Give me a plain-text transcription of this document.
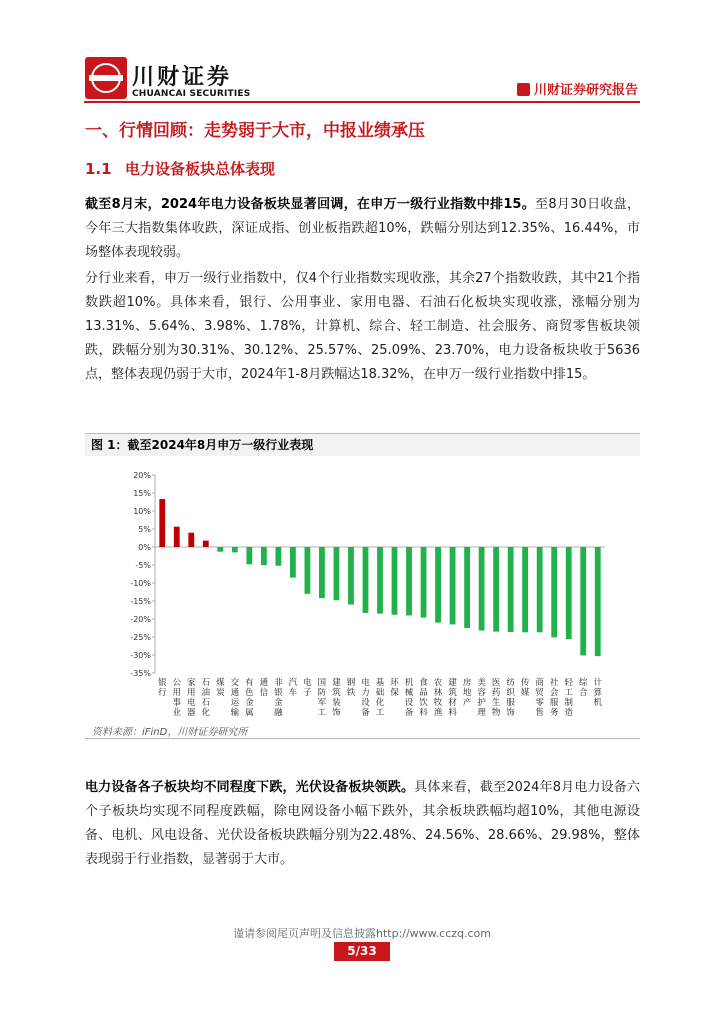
川财证券
CHUANCAI SECURITIES	川财证券研究报告
一、行情回顾：走势弱于大市，中报业绩承压
1.1 电力设备板块总体表现
截至8月末，2024年电力设备板块显著回调，在申万一级行业指数中排15。至8月30日收盘，今年三大指数集体收跌，深证成指、创业板指跌超10%，跌幅分别达到12.35%、16.44%，市场整体表现较弱。
分行业来看，申万一级行业指数中，仅4个行业指数实现收涨，其余27个指数收跌，其中21个指数跌超10%。具体来看，银行、公用事业、家用电器、石油石化板块实现收涨，涨幅分别为13.31%、5.64%、3.98%、1.78%，计算机、综合、轻工制造、社会服务、商贸零售板块领跌，跌幅分别为30.31%、30.12%、25.57%、25.09%、23.70%，电力设备板块收于5636点，整体表现仍弱于大市，2024年1-8月跌幅达18.32%，在申万一级行业指数中排15。
图 1：截至2024年8月申万一级行业表现
20%
15%
10%
5%
0%
-5%
-10%
-15%
-20%
-25%
-30%
-35%
银行
公用事业
家用电器
石油石化
煤炭
交通运输
有色金属
通信
非银金融
汽车
电子
国防军工
建筑装饰
钢铁
电力设备
基础化工
环保
机械设备
食品饮料
农林牧渔
建筑材料
房地产
美容护理
医药生物
纺织服饰
传媒
商贸零售
社会服务
轻工制造
综合
计算机
资料来源：iFinD，川财证券研究所
电力设备各子板块均不同程度下跌，光伏设备板块领跌。具体来看，截至2024年8月电力设备六个子板块均实现不同程度跌幅，除电网设备小幅下跌外，其余板块跌幅均超10%，其他电源设备、电机、风电设备、光伏设备板块跌幅分别为22.48%、24.56%、28.66%、29.98%，整体表现弱于行业指数，显著弱于大市。
谨请参阅尾页声明及信息披露http://www.cczq.com
5/33
